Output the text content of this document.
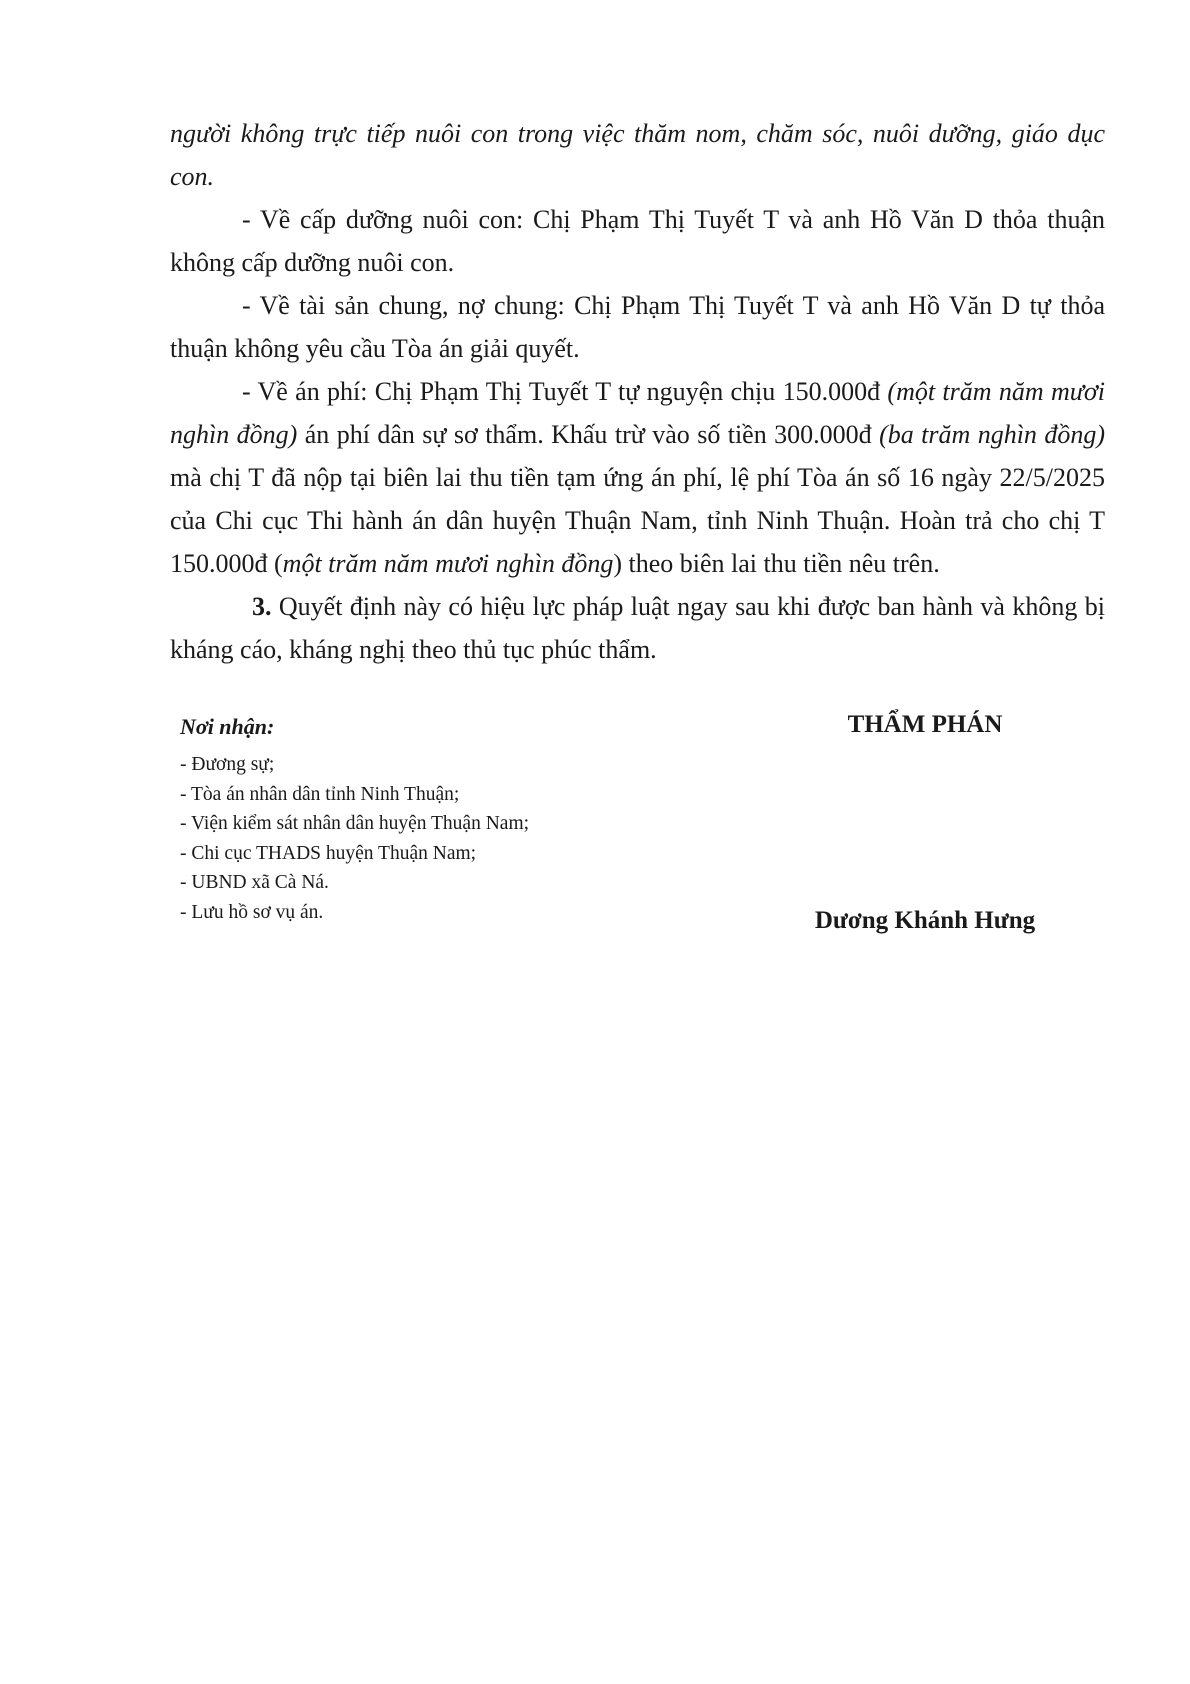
người không trực tiếp nuôi con trong việc thăm nom, chăm sóc, nuôi dưỡng, giáo dục con.

- Về cấp dưỡng nuôi con: Chị Phạm Thị Tuyết T và anh Hồ Văn D thỏa thuận không cấp dưỡng nuôi con.

- Về tài sản chung, nợ chung: Chị Phạm Thị Tuyết T và anh Hồ Văn D tự thỏa thuận không yêu cầu Tòa án giải quyết.

- Về án phí: Chị Phạm Thị Tuyết T tự nguyện chịu 150.000đ (một trăm năm mươi nghìn đồng) án phí dân sự sơ thẩm. Khấu trừ vào số tiền 300.000đ (ba trăm nghìn đồng) mà chị T đã nộp tại biên lai thu tiền tạm ứng án phí, lệ phí Tòa án số 16 ngày 22/5/2025 của Chi cục Thi hành án dân huyện Thuận Nam, tỉnh Ninh Thuận. Hoàn trả cho chị T 150.000đ (một trăm năm mươi nghìn đồng) theo biên lai thu tiền nêu trên.

3. Quyết định này có hiệu lực pháp luật ngay sau khi được ban hành và không bị kháng cáo, kháng nghị theo thủ tục phúc thẩm.

Nơi nhận:
- Đương sự;
- Tòa án nhân dân tỉnh Ninh Thuận;
- Viện kiểm sát nhân dân huyện Thuận Nam;
- Chi cục THADS huyện Thuận Nam;
- UBND xã Cà Ná.
- Lưu hồ sơ vụ án.
THẨM PHÁN
Dương Khánh Hưng
